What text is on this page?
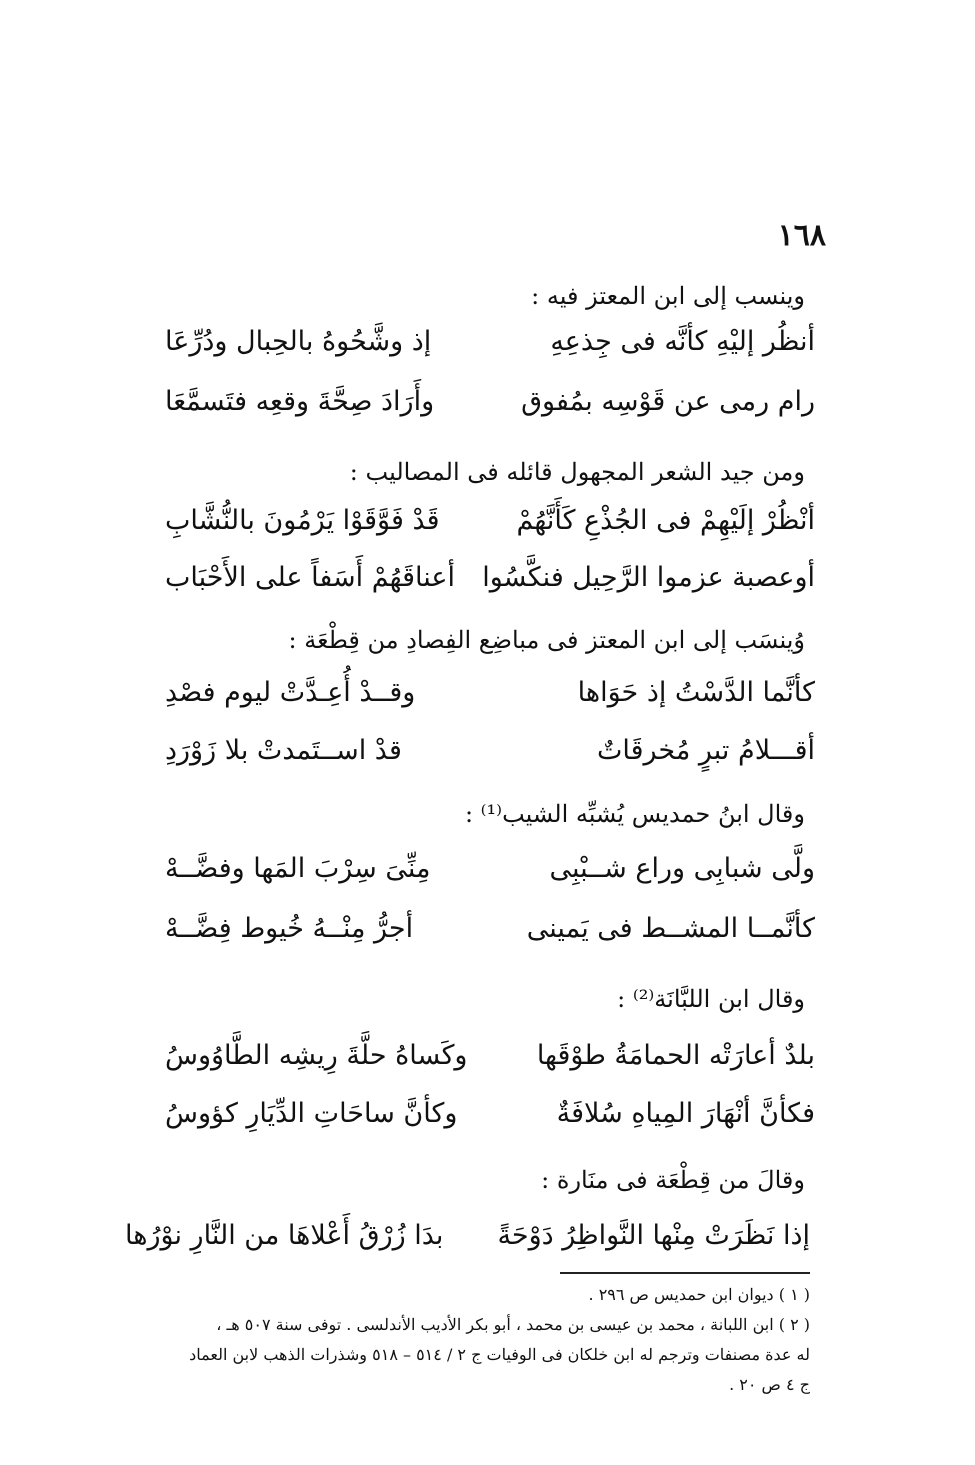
١٦٨
وينسب إلى ابن المعتز فيه :
أنظُر إليْهِ كأنَّه فى جِذعِهِ
إذ وشَّحُوهُ بالحِبال ودُرِّعَا
رام رمى عن قَوْسِه بمُفوق
وأَرَادَ صِحَّةَ وقعِه فتَسمَّعَا
ومن جيد الشعر المجهول قائله فى المصاليب :
أنْظُرْ إلَيْهِمْ فى الجُذْعِ كَأَنَّهُمْ
قَدْ فَوَّقَوْا يَرْمُونَ بالنُّشَّابِ
أوعصبة عزموا الرَّحِيل فنكَّسُوا
أعناقَهُمْ أَسَفاً على الأَحْبَاب
وُينسَب إلى ابن المعتز فى مباضِع الفِصادِ من قِطْعَة :
كأنَّما الدَّسْتُ إذ حَوَاها
وقــدْ أُعِـدَّتْ ليوم فصْدِ
أقـــلامُ تبرٍ مُخرقَاتٌ
قدْ اســتَمدتْ بلا زَوْرَدِ
وقال ابنُ حمديس يُشبِّه الشيب⁽¹⁾ :
ولَّى شبابِى وراع شــبْبِى
مِنِّىَ سِرْبَ المَها وفضَّــهْ
كأنَّمــا المشــط فى يَمينى
أجرُّ مِنْــهُ خُيوط فِضَّــهْ
وقال ابن اللبَّانَة⁽²⁾ :
بلدٌ أعارَتْه الحمامَةُ طوْقَها
وكَساهُ حلَّةَ رِيشِه الطَّاوُوسُ
فكأنَّ أنْهَارَ المِياهِ سُلافَةٌ
وكأنَّ ساحَاتِ الدِّيَارِ كؤوسُ
وقالَ من قِطْعَة فى منَارة :
إذا نَظَرَتْ مِنْها النَّواظِرُ دَوْحَةً
بدَا زُرْقُ أَعْلاهَا من النَّارِ نوْرُها
( ١ ) ديوان ابن حمديس ص ٢٩٦ .
( ٢ ) ابن اللبانة ، محمد بن عيسى بن محمد ، أبو بكر الأديب الأندلسى . توفى سنة ٥٠٧ هـ ،
له عدة مصنفات وترجم له ابن خلكان فى الوفيات ج ٢ / ٥١٤ – ٥١٨ وشذرات الذهب لابن العماد
ج ٤ ص ٢٠ .
